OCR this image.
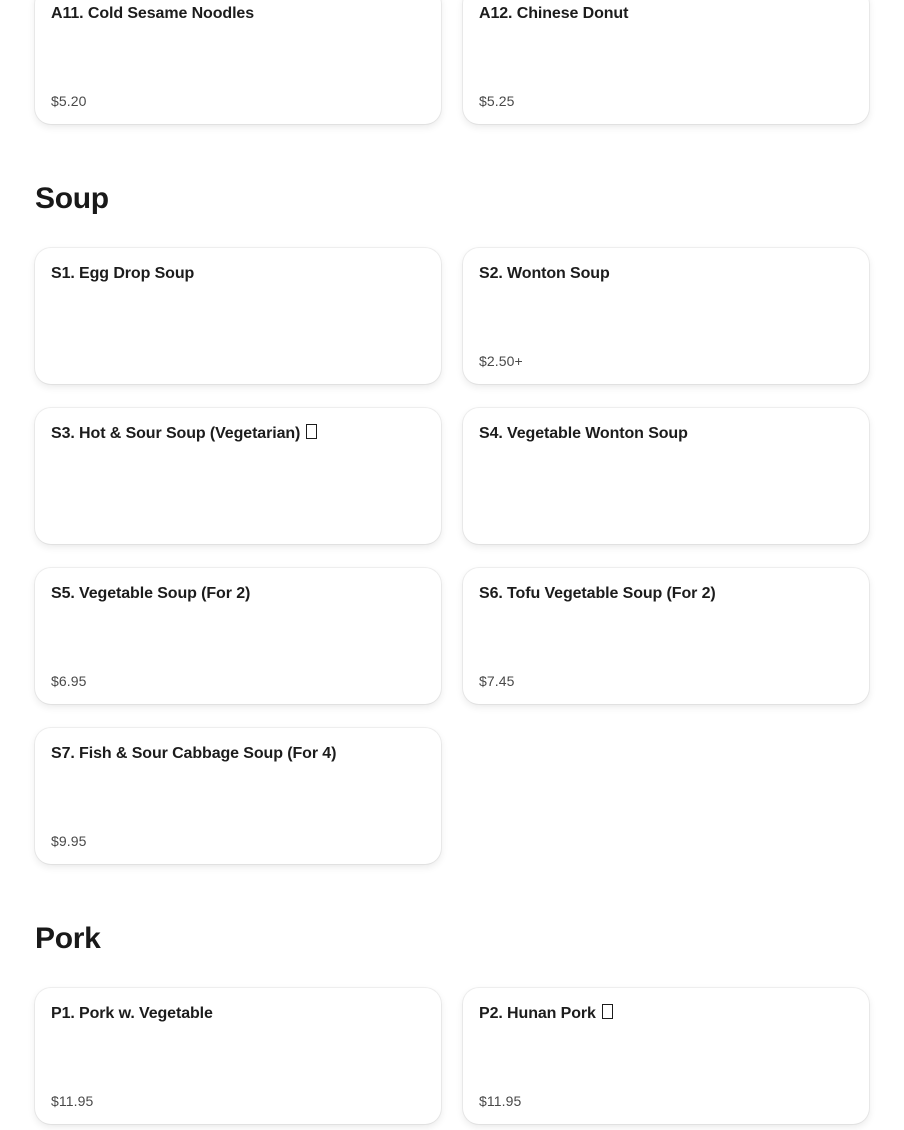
A11. Cold Sesame Noodles
$5.20
A12. Chinese Donut
$5.25
Soup
S1. Egg Drop Soup	S2. Wonton Soup
$2.50+
S3. Hot & Sour Soup (Vegetarian)	S4. Vegetable Wonton Soup
S5. Vegetable Soup (For 2)
$6.95
S6. Tofu Vegetable Soup (For 2)
$7.45
S7. Fish & Sour Cabbage Soup (For 4)
$9.95
Pork
P1. Pork w. Vegetable
$11.95
P2. Hunan Pork
$11.95
